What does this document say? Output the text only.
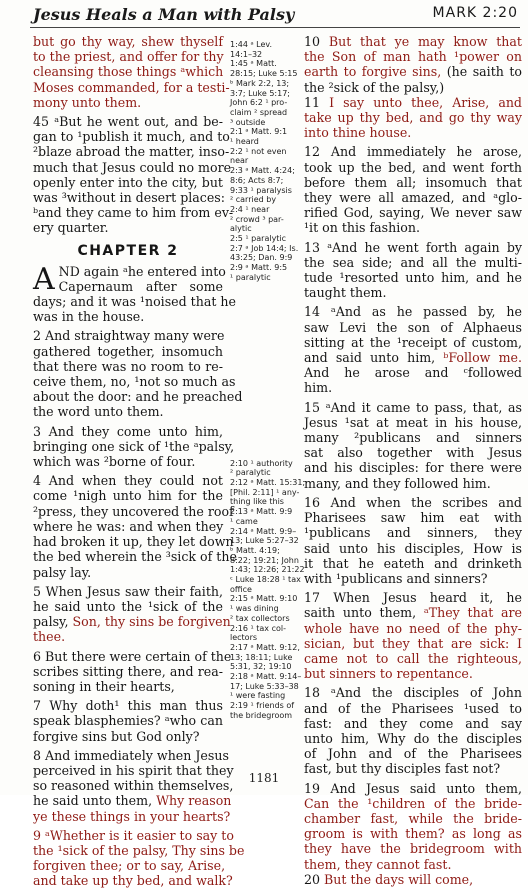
Jesus Heals a Man with Palsy	MARK 2:20
but go thy way, shew thyself
to the priest, and offer for thy
cleansing those things ᵃwhich
Moses commanded, for a testi-
mony unto them.
45 ᵃBut he went out, and be-
gan to ¹publish it much, and to
²blaze abroad the matter, inso-
much that Jesus could no more
openly enter into the city, but
was ³without in desert places:
ᵇand they came to him from ev-
ery quarter.
CHAPTER 2
A ND again ᵃhe entered into
Capernaum after some
days; and it was ¹noised that he
was in the house.
2 And straightway many were
gathered together, insomuch
that there was no room to re-
ceive them, no, ¹not so much as
about the door: and he preached
the word unto them.
3 And they come unto him,
bringing one sick of ¹the ᵃpalsy,
which was ²borne of four.
4 And when they could not
come ¹nigh unto him for the
²press, they uncovered the roof
where he was: and when they
had broken it up, they let down
the bed wherein the ³sick of the
palsy lay.
5 When Jesus saw their faith,
he said unto the ¹sick of the
palsy, Son, thy sins be forgiven
thee.
6 But there were certain of the
scribes sitting there, and rea-
soning in their hearts,
7 Why doth¹ this man thus
speak blasphemies? ᵃwho can
forgive sins but God only?
8 And immediately when Jesus
perceived in his spirit that they
so reasoned within themselves,
he said unto them, Why reason
ye these things in your hearts?
9 ᵃWhether is it easier to say to
the ¹sick of the palsy, Thy sins be
forgiven thee; or to say, Arise,
and take up thy bed, and walk?
1:44 ᵃ Lev.
14:1–32
1:45 ᵃ Matt.
28:15; Luke 5:15
ᵇ Mark 2:2, 13;
3:7; Luke 5:17;
John 6:2 ¹ pro-
claim ² spread
³ outside
2:1 ᵃ Matt. 9:1
¹ heard
2:2 ¹ not even
near
2:3 ᵃ Matt. 4:24;
8:6; Acts 8:7;
9:33 ¹ paralysis
² carried by
2:4 ¹ near
² crowd ³ par-
alytic
2:5 ¹ paralytic
2:7 ᵃ Job 14:4; Is.
43:25; Dan. 9:9
2:9 ᵃ Matt. 9:5
¹ paralytic
2:10 ¹ authority
² paralytic
2:12 ᵃ Matt. 15:31;
[Phil. 2:11] ¹ any-
thing like this
2:13 ᵃ Matt. 9:9
¹ came
2:14 ᵃ Matt. 9:9–
13; Luke 5:27–32
ᵇ Matt. 4:19;
8:22; 19:21; John
1:43; 12:26; 21:22
ᶜ Luke 18:28 ¹ tax
office
2:15 ᵃ Matt. 9:10
¹ was dining
² tax collectors
2:16 ¹ tax col-
lectors
2:17 ᵃ Matt. 9:12,
13; 18:11; Luke
5:31, 32; 19:10
2:18 ᵃ Matt. 9:14–
17; Luke 5:33–38
¹ were fasting
2:19 ¹ friends of
the bridegroom
10 But that ye may know that
the Son of man hath ¹power on
earth to forgive sins, (he saith to
the ²sick of the palsy,)
11 I say unto thee, Arise, and
take up thy bed, and go thy way
into thine house.
12 And immediately he arose,
took up the bed, and went forth
before them all; insomuch that
they were all amazed, and ᵃglo-
rified God, saying, We never saw
¹it on this fashion.
13 ᵃAnd he went forth again by
the sea side; and all the multi-
tude ¹resorted unto him, and he
taught them.
14 ᵃAnd as he passed by, he
saw Levi the son of Alphaeus
sitting at the ¹receipt of custom,
and said unto him, ᵇFollow me.
And he arose and ᶜfollowed
him.
15 ᵃAnd it came to pass, that, as
Jesus ¹sat at meat in his house,
many ²publicans and sinners
sat also together with Jesus
and his disciples: for there were
many, and they followed him.
16 And when the scribes and
Pharisees saw him eat with
¹publicans and sinners, they
said unto his disciples, How is
it that he eateth and drinketh
with ¹publicans and sinners?
17 When Jesus heard it, he
saith unto them, ᵃThey that are
whole have no need of the phy-
sician, but they that are sick: I
came not to call the righteous,
but sinners to repentance.
18 ᵃAnd the disciples of John
and of the Pharisees ¹used to
fast: and they come and say
unto him, Why do the disciples
of John and of the Pharisees
fast, but thy disciples fast not?
19 And Jesus said unto them,
Can the ¹children of the bride-
chamber fast, while the bride-
groom is with them? as long as
they have the bridegroom with
them, they cannot fast.
20 But the days will come,
1181
